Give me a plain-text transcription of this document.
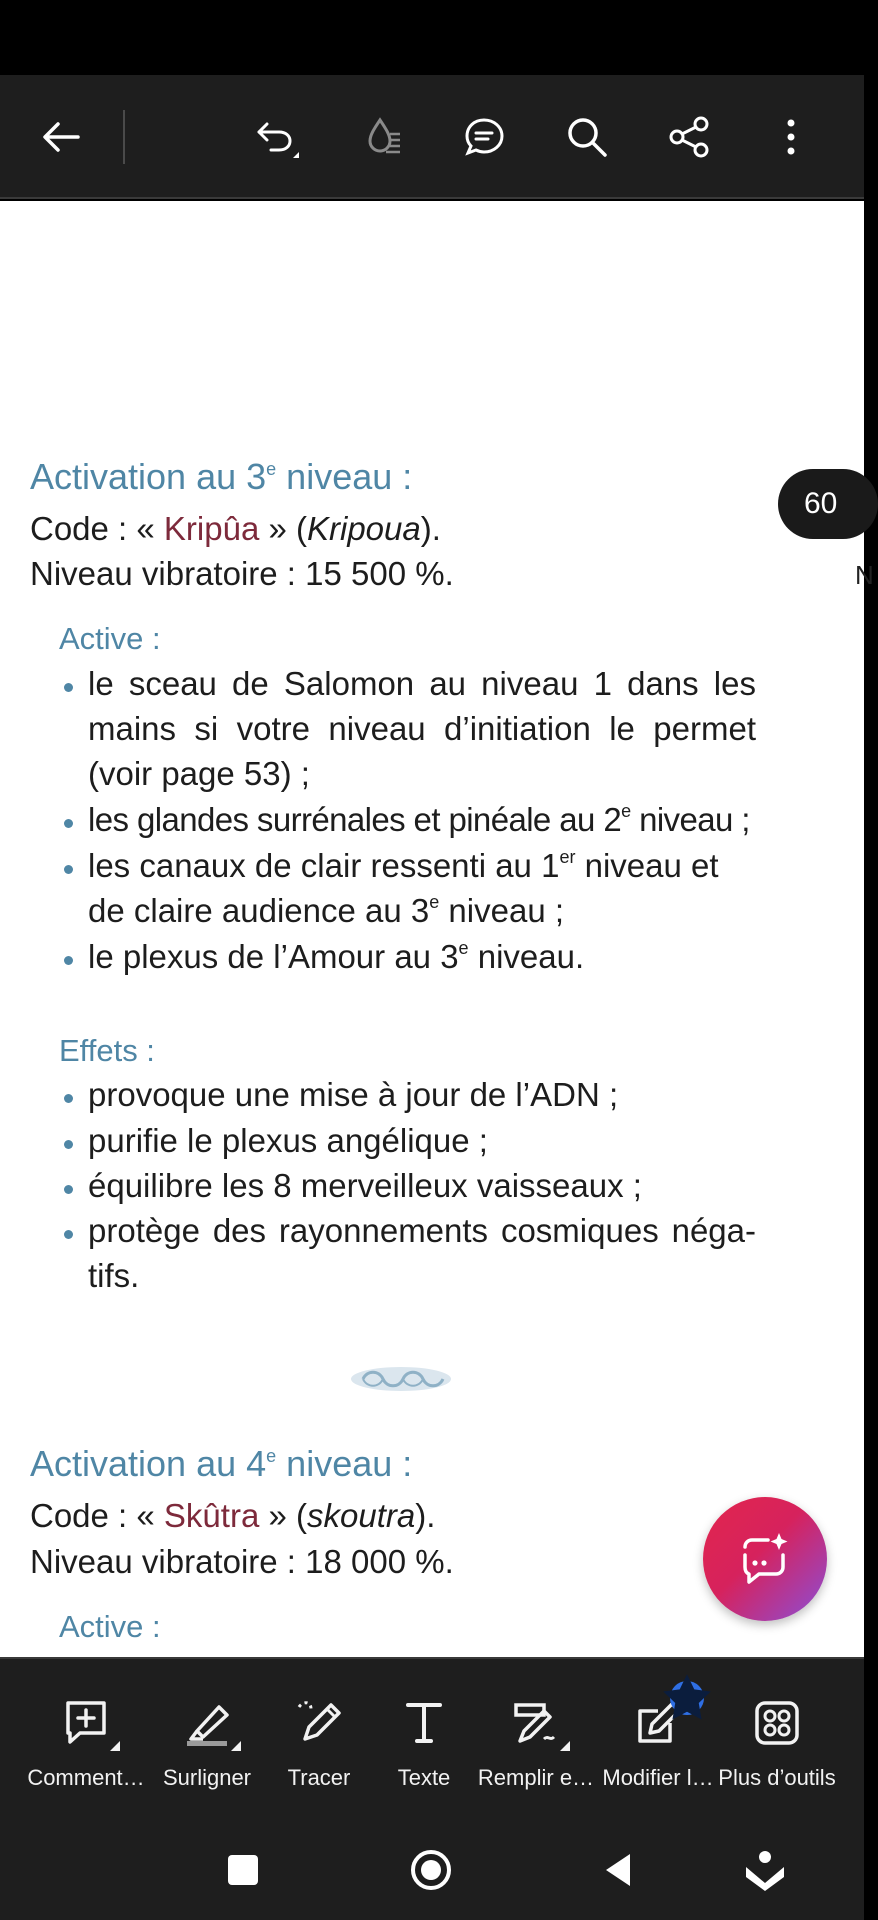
Activation au 3e niveau :
Code : « Kripûa » (Kripoua).
Niveau vibratoire : 15 500 %.
Active :
le sceau de Salomon au niveau 1 dans les
mains si votre niveau d’initiation le permet
(voir page 53) ;
les glandes surrénales et pinéale au 2e niveau ;
les canaux de clair ressenti au 1er niveau et
de claire audience au 3e niveau ;
le plexus de l’Amour au 3e niveau.
Effets :
provoque une mise à jour de l’ADN ;
purifie le plexus angélique ;
équilibre les 8 merveilleux vaisseaux ;
protège des rayonnements cosmiques néga-
tifs.
Activation au 4e niveau :
Code : « Skûtra » (skoutra).
Niveau vibratoire : 18 000 %.
Active :
60
N
Comment… Surligner Tracer Texte Remplir e… Modifier l… Plus d’outils
